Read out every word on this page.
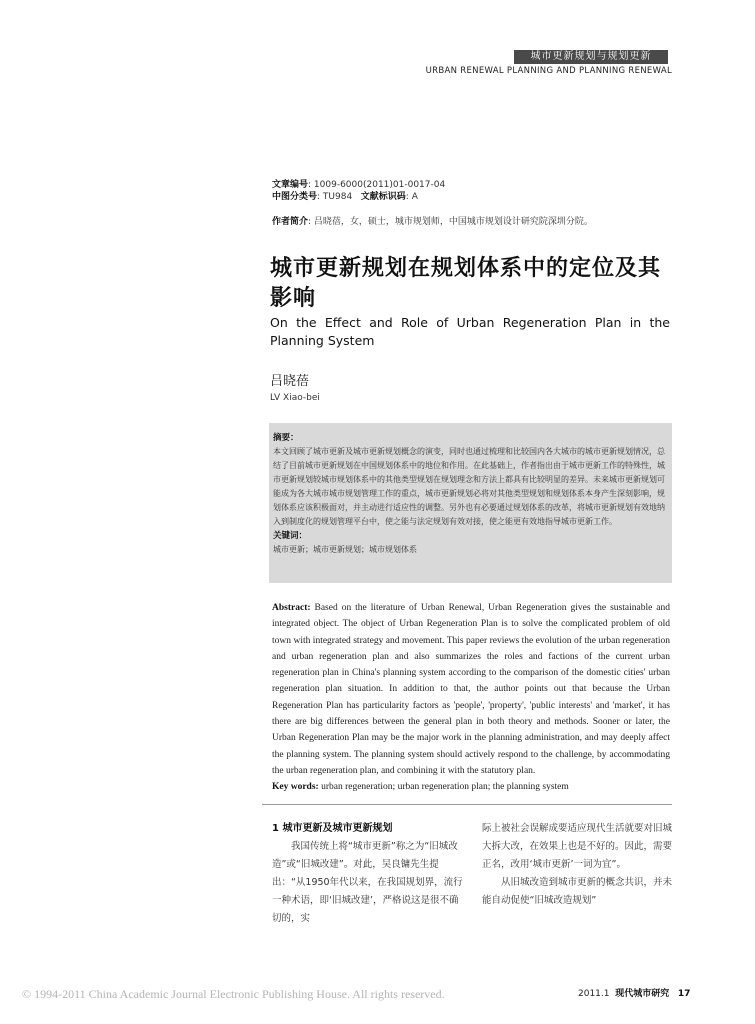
城市更新规划与规划更新
URBAN RENEWAL PLANNING AND PLANNING RENEWAL
文章编号: 1009-6000(2011)01-0017-04
中图分类号: TU984 文献标识码: A
作者简介: 吕晓蓓，女，硕士，城市规划师，中国城市规划设计研究院深圳分院。
城市更新规划在规划体系中的定位及其影响
On the Effect and Role of Urban Regeneration Plan in the Planning System
吕晓蓓
LV Xiao-bei
摘要：
本文回顾了城市更新及城市更新规划概念的演变，同时也通过梳理和比较国内各大城市的城市更新规划情况，总结了目前城市更新规划在中国规划体系中的地位和作用。在此基础上，作者指出由于城市更新工作的特殊性，城市更新规划较城市规划体系中的其他类型规划在规划理念和方法上都具有比较明显的差异。未来城市更新规划可能成为各大城市城市规划管理工作的重点，城市更新规划必将对其他类型规划和规划体系本身产生深刻影响，规划体系应该积极面对，并主动进行适应性的调整。另外也有必要通过规划体系的改革，将城市更新规划有效地纳入到制度化的规划管理平台中，使之能与法定规划有效对接，使之能更有效地指导城市更新工作。
关键词：
城市更新；城市更新规划；城市规划体系
Abstract: Based on the literature of Urban Renewal, Urban Regeneration gives the sustainable and integrated object. The object of Urban Regeneration Plan is to solve the complicated problem of old town with integrated strategy and movement. This paper reviews the evolution of the urban regeneration and urban regeneration plan and also summarizes the roles and factions of the current urban regeneration plan in China's planning system according to the comparison of the domestic cities' urban regeneration plan situation. In addition to that, the author points out that because the Urban Regeneration Plan has particularity factors as 'people', 'property', 'public interests' and 'market', it has there are big differences between the general plan in both theory and methods. Sooner or later, the Urban Regeneration Plan may be the major work in the planning administration, and may deeply affect the planning system. The planning system should actively respond to the challenge, by accommodating the urban regeneration plan, and combining it with the statutory plan.
Key words: urban regeneration; urban regeneration plan; the planning system
1 城市更新及城市更新规划
我国传统上将“城市更新”称之为“旧城改造”或“旧城改建”。对此，吴良镛先生提出：“从1950年代以来，在我国规划界，流行一种术语，即‘旧城改建’，严格说这是很不确切的，实
际上被社会误解成要适应现代生活就要对旧城大拆大改，在效果上也是不好的。因此，需要正名，改用‘城市更新’一词为宜”。
从旧城改造到城市更新的概念共识，并未能自动促使“旧城改造规划”
© 1994-2011 China Academic Journal Electronic Publishing House. All rights reserved.	2011.1 现代城市研究 17
